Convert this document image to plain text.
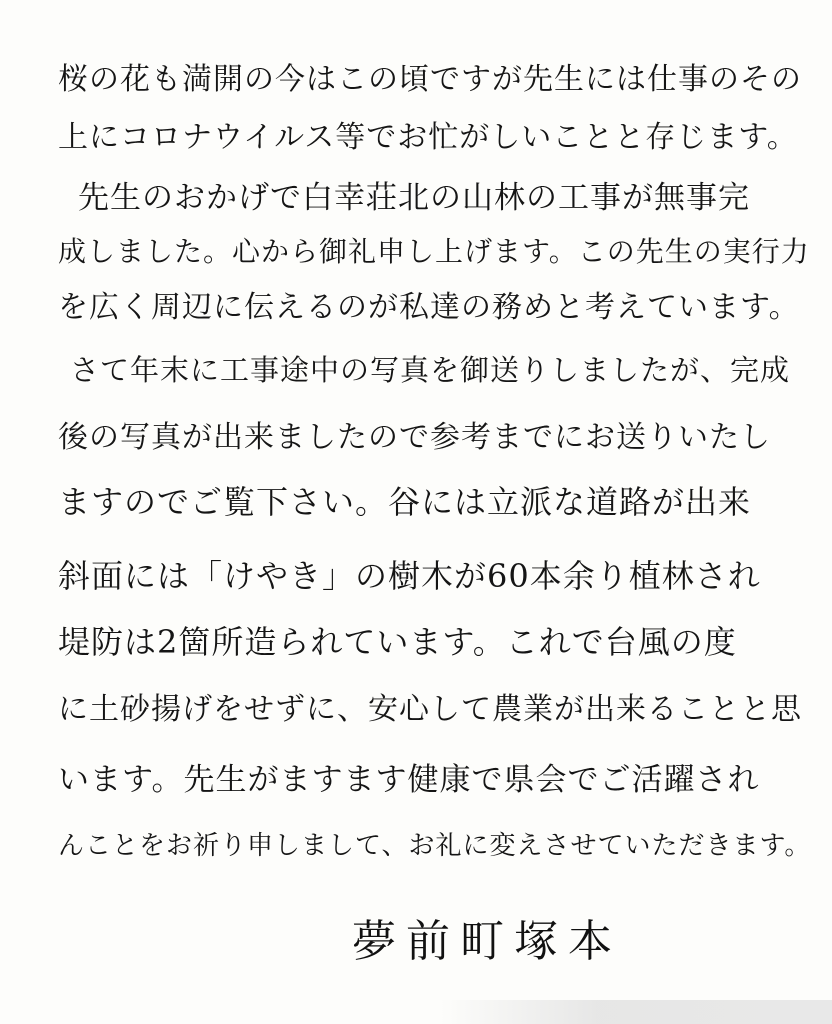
桜の花も満開の今はこの頃ですが先生には仕事のその
上にコロナウイルス等でお忙がしいことと存じます。
先生のおかげで白幸荘北の山林の工事が無事完
成しました。心から御礼申し上げます。この先生の実行力
を広く周辺に伝えるのが私達の務めと考えています。
さて年末に工事途中の写真を御送りしましたが、完成
後の写真が出来ましたので参考までにお送りいたし
ますのでご覧下さい。谷には立派な道路が出来
斜面には「けやき」の樹木が60本余り植林され
堤防は2箇所造られています。これで台風の度
に土砂揚げをせずに、安心して農業が出来ることと思
います。先生がますます健康で県会でご活躍され
んことをお祈り申しまして、お礼に変えさせていただきます。
夢前町塚本
